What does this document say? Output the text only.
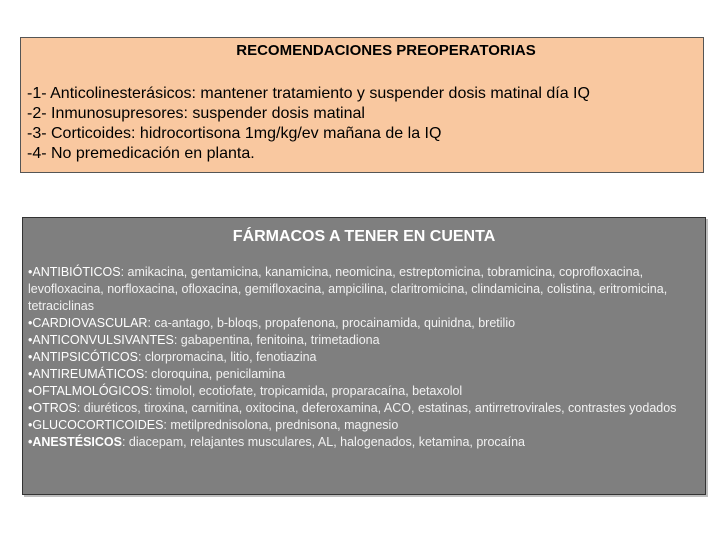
RECOMENDACIONES PREOPERATORIAS
-1- Anticolinesterásicos: mantener tratamiento y suspender dosis matinal día IQ
-2- Inmunosupresores: suspender dosis matinal
-3- Corticoides: hidrocortisona 1mg/kg/ev mañana de la IQ
-4- No premedicación en planta.
FÁRMACOS A TENER EN CUENTA
•ANTIBIÓTICOS: amikacina, gentamicina, kanamicina, neomicina, estreptomicina, tobramicina, coprofloxacina, levofloxacina, norfloxacina, ofloxacina, gemifloxacina, ampicilina, claritromicina, clindamicina, colistina, eritromicina, tetraciclinas
•CARDIOVASCULAR: ca-antago, b-bloqs, propafenona, procainamida, quinidna, bretilio
•ANTICONVULSIVANTES: gabapentina, fenitoina, trimetadiona
•ANTIPSICÓTICOS: clorpromacina, litio, fenotiazina
•ANTIREUMÁTICOS: cloroquina, penicilamina
•OFTALMOLÓGICOS: timolol, ecotiofate, tropicamida, proparacaína, betaxolol
•OTROS: diuréticos, tiroxina, carnitina, oxitocina, deferoxamina, ACO, estatinas, antirretrovirales, contrastes yodados
•GLUCOCORTICOIDES: metilprednisolona, prednisona, magnesio
•ANESTÉSICOS: diacepam, relajantes musculares, AL, halogenados, ketamina, procaína
